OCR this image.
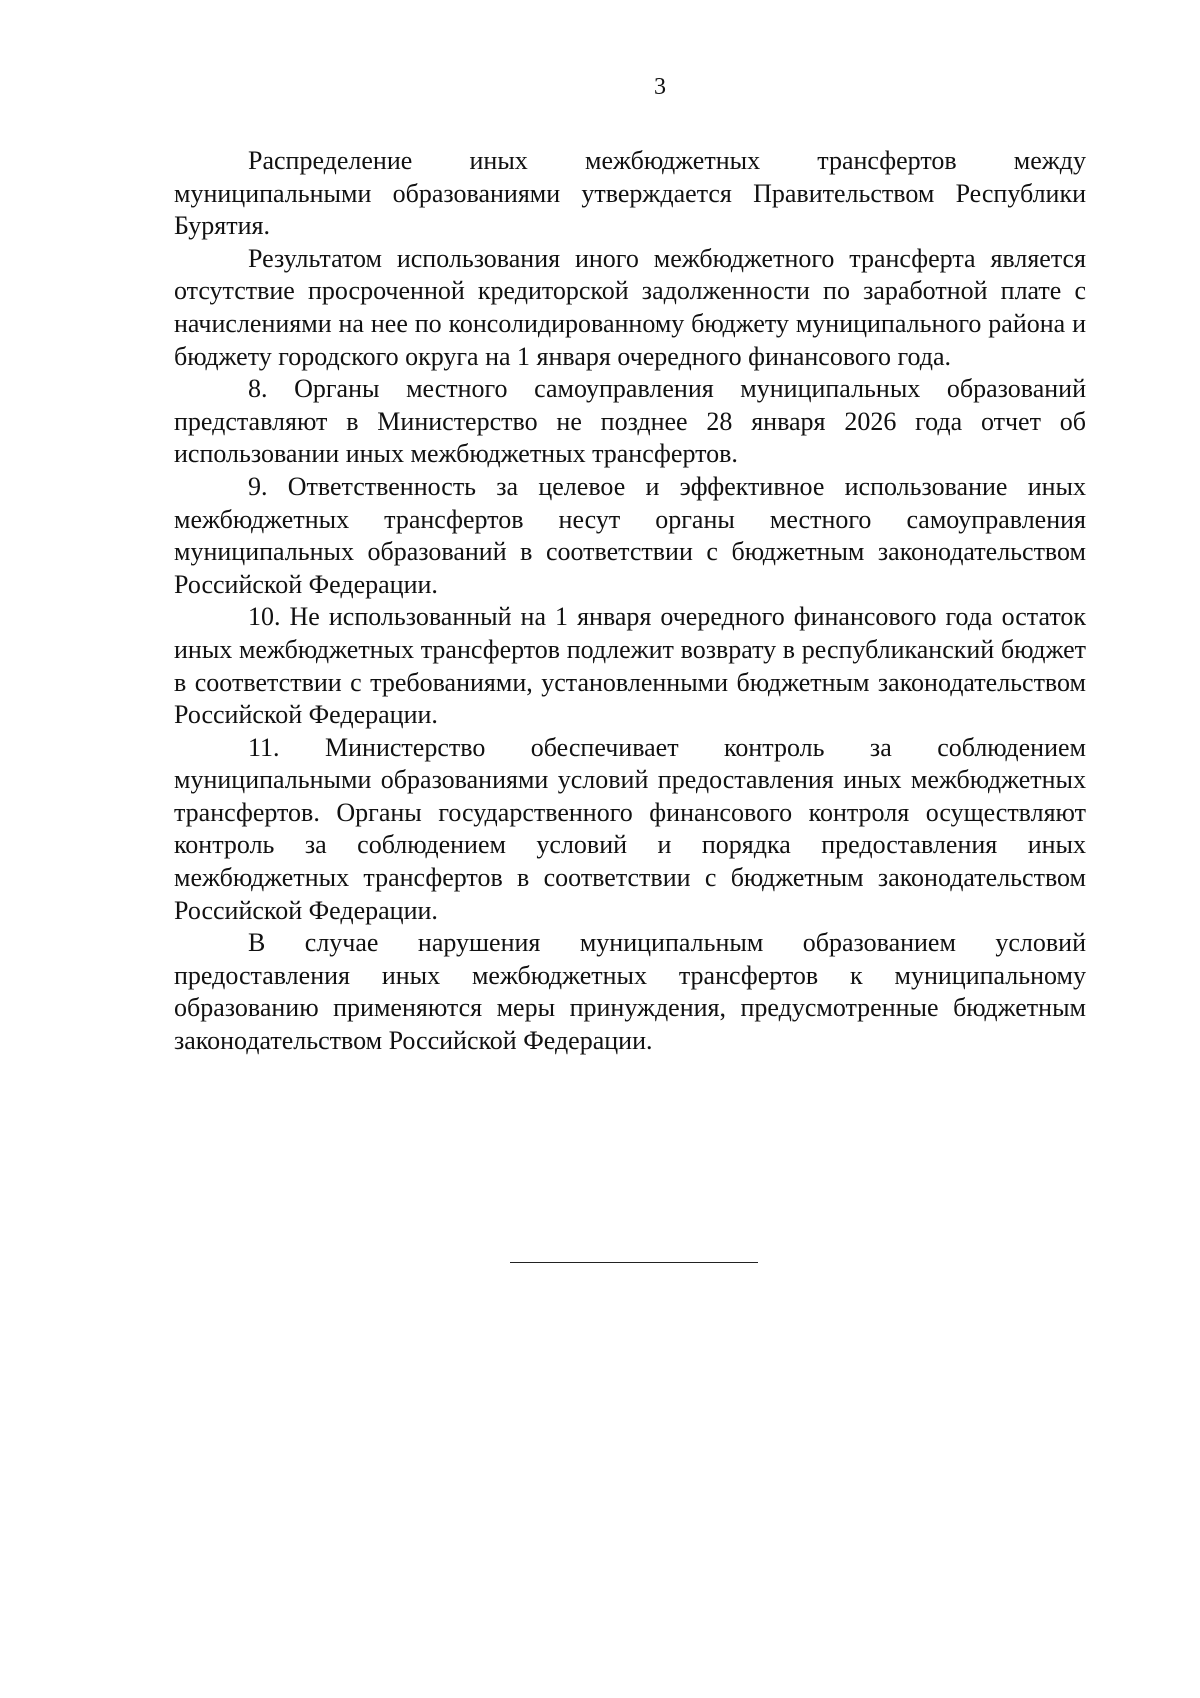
3

Распределение иных межбюджетных трансфертов между муниципальными образованиями утверждается Правительством Республики Бурятия.

Результатом использования иного межбюджетного трансферта является отсутствие просроченной кредиторской задолженности по заработной плате с начислениями на нее по консолидированному бюджету муниципального района и бюджету городского округа на 1 января очередного финансового года.

8. Органы местного самоуправления муниципальных образований представляют в Министерство не позднее 28 января 2026 года отчет об использовании иных межбюджетных трансфертов.

9. Ответственность за целевое и эффективное использование иных межбюджетных трансфертов несут органы местного самоуправления муниципальных образований в соответствии с бюджетным законодательством Российской Федерации.

10. Не использованный на 1 января очередного финансового года остаток иных межбюджетных трансфертов подлежит возврату в республиканский бюджет в соответствии с требованиями, установленными бюджетным законодательством Российской Федерации.

11. Министерство обеспечивает контроль за соблюдением муниципальными образованиями условий предоставления иных межбюджетных трансфертов. Органы государственного финансового контроля осуществляют контроль за соблюдением условий и порядка предоставления иных межбюджетных трансфертов в соответствии с бюджетным законодательством Российской Федерации.

В случае нарушения муниципальным образованием условий предоставления иных межбюджетных трансфертов к муниципальному образованию применяются меры принуждения, предусмотренные бюджетным законодательством Российской Федерации.
